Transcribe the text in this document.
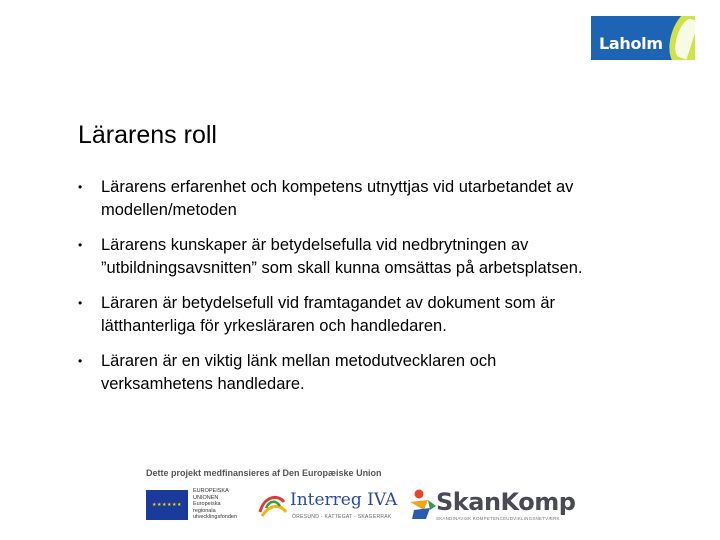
Laholm
Lärarens roll
• Lärarens erfarenhet och kompetens utnyttjas vid utarbetandet av
modellen/metoden
• Lärarens kunskaper är betydelsefulla vid nedbrytningen av
”utbildningsavsnitten” som skall kunna omsättas på arbetsplatsen.
• Läraren är betydelsefull vid framtagandet av dokument som är
lätthanterliga för yrkesläraren och handledaren.
• Läraren är en viktig länk mellan metodutvecklaren och
verksamhetens handledare.
Dette projekt medfinansieres af Den Europæiske Union
★★★★★★
EUROPEISKA
UNIONEN
Europeiska
regionala
utvecklingsfonden
Interreg IVA
ÖRESUND - KATTEGAT - SKAGERRAK
SkanKomp
SKANDINAVISK KOMPETENCEUDVIKLINGSNETVÆRK
